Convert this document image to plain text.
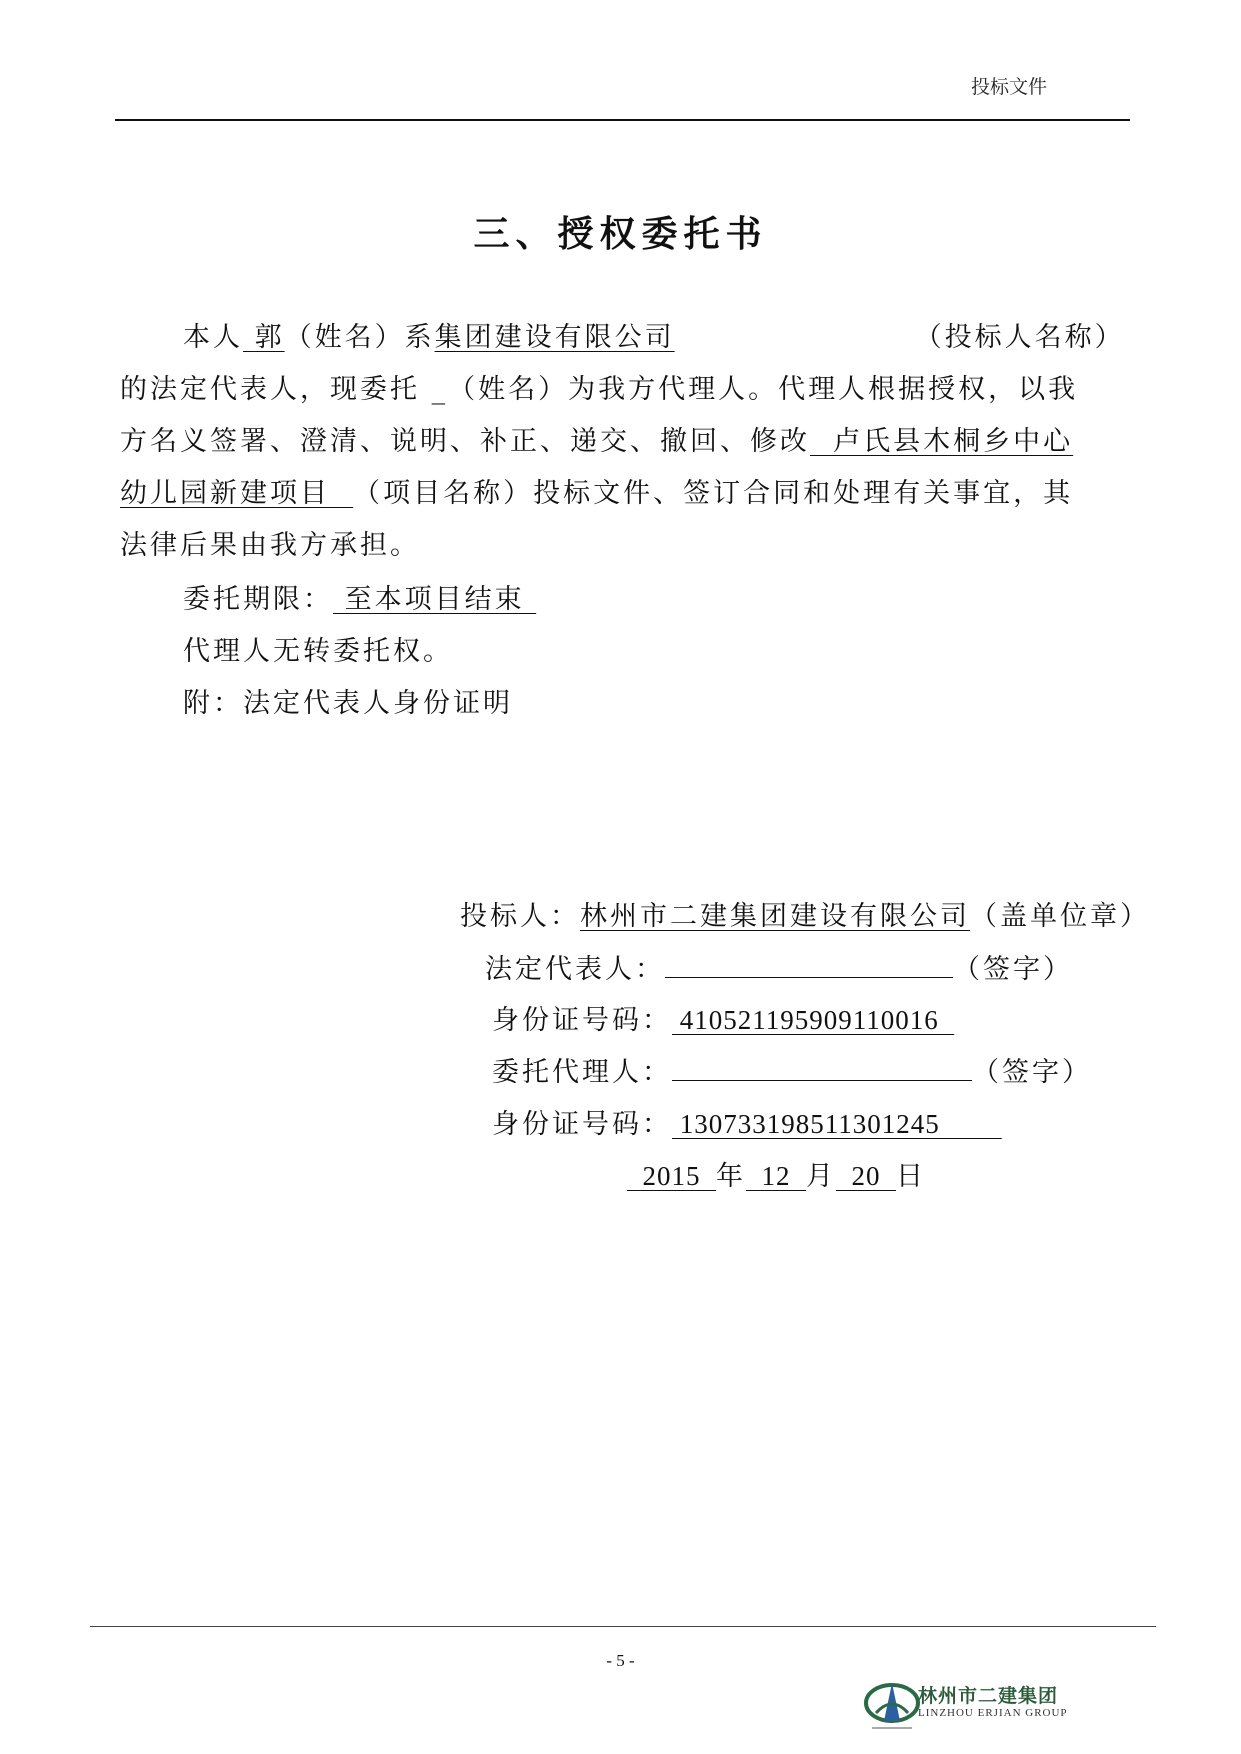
投标文件
三、授权委托书
本人 郭（姓名）系集团建设有限公司	（投标人名称）
的法定代表人，现委托 _（姓名）为我方代理人。代理人根据授权，以我
方名义签署、澄清、说明、补正、递交、撤回、修改  卢氏县木桐乡中心
幼儿园新建项目  （项目名称）投标文件、签订合同和处理有关事宜，其
法律后果由我方承担。
委托期限： 至本项目结束
代理人无转委托权。
附：法定代表人身份证明
投标人：林州市二建集团建设有限公司（盖单位章）
法定代表人：	（签字）
身份证号码： 410521195909110016
委托代理人：	（签字）
身份证号码： 130733198511301245
2015  年  12  月  20  日
- 5 -
林州市二建集团
LINZHOU ERJIAN GROUP
